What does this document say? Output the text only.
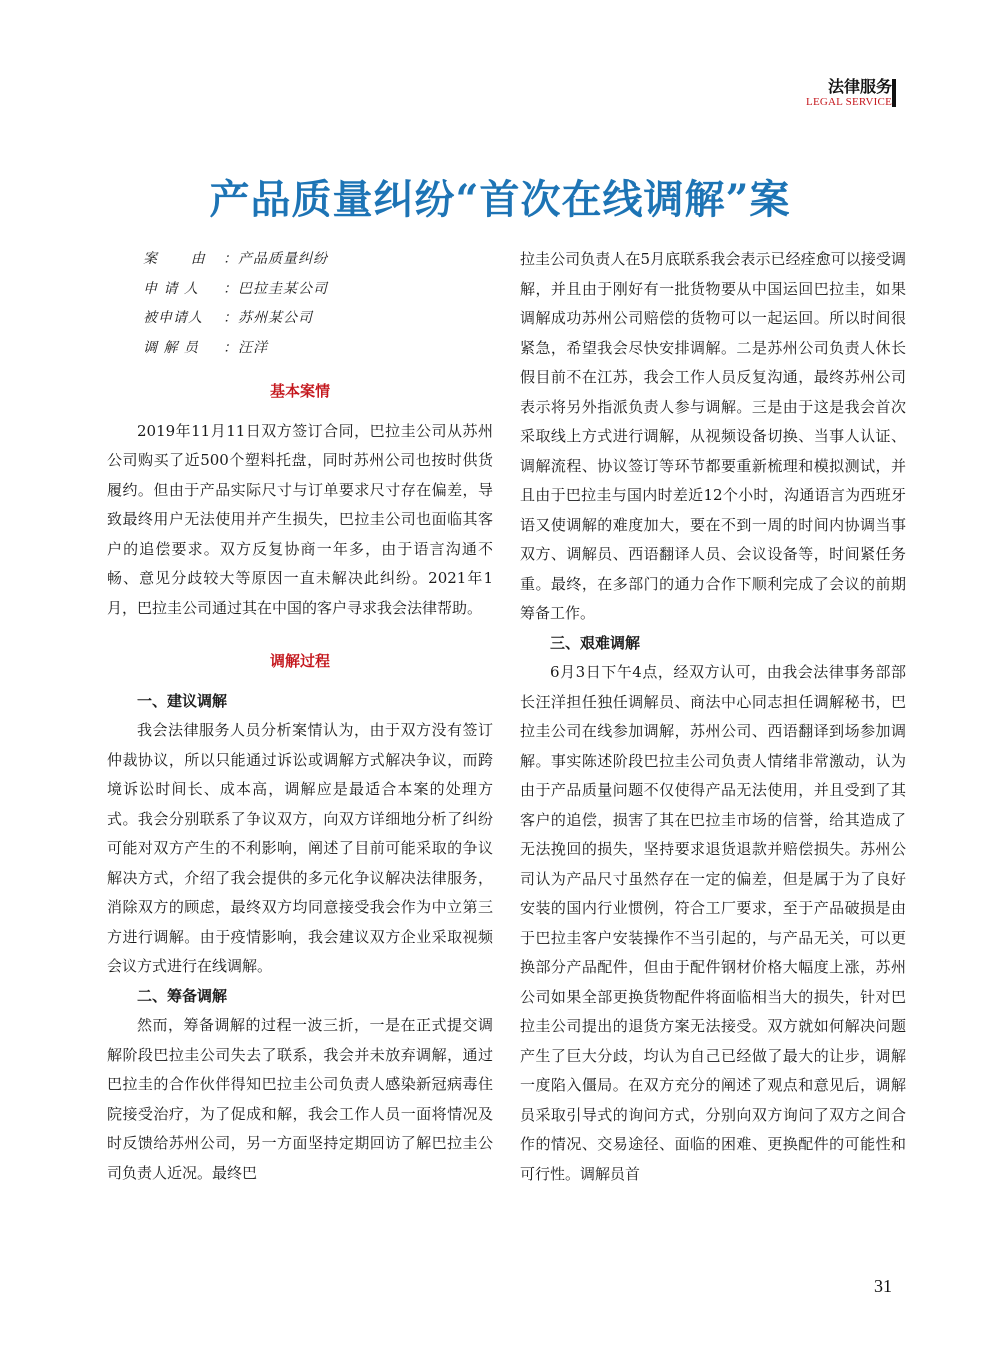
法律服务
LEGAL SERVICE
产品质量纠纷“首次在线调解”案
案      由	： 产品质量纠纷
申 请 人	： 巴拉圭某公司
被申请人	： 苏州某公司
调 解 员	： 汪洋
基本案情

2019年11月11日双方签订合同，巴拉圭公司从苏州公司购买了近500个塑料托盘，同时苏州公司也按时供货履约。但由于产品实际尺寸与订单要求尺寸存在偏差，导致最终用户无法使用并产生损失，巴拉圭公司也面临其客户的追偿要求。双方反复协商一年多，由于语言沟通不畅、意见分歧较大等原因一直未解决此纠纷。2021年1月，巴拉圭公司通过其在中国的客户寻求我会法律帮助。

调解过程
一、建议调解

我会法律服务人员分析案情认为，由于双方没有签订仲裁协议，所以只能通过诉讼或调解方式解决争议，而跨境诉讼时间长、成本高，调解应是最适合本案的处理方式。我会分别联系了争议双方，向双方详细地分析了纠纷可能对双方产生的不利影响，阐述了目前可能采取的争议解决方式，介绍了我会提供的多元化争议解决法律服务，消除双方的顾虑，最终双方均同意接受我会作为中立第三方进行调解。由于疫情影响，我会建议双方企业采取视频会议方式进行在线调解。

二、筹备调解

然而，筹备调解的过程一波三折，一是在正式提交调解阶段巴拉圭公司失去了联系，我会并未放弃调解，通过巴拉圭的合作伙伴得知巴拉圭公司负责人感染新冠病毒住院接受治疗，为了促成和解，我会工作人员一面将情况及时反馈给苏州公司，另一方面坚持定期回访了解巴拉圭公司负责人近况。最终巴

拉圭公司负责人在5月底联系我会表示已经痊愈可以接受调解，并且由于刚好有一批货物要从中国运回巴拉圭，如果调解成功苏州公司赔偿的货物可以一起运回。所以时间很紧急，希望我会尽快安排调解。二是苏州公司负责人休长假目前不在江苏，我会工作人员反复沟通，最终苏州公司表示将另外指派负责人参与调解。三是由于这是我会首次采取线上方式进行调解，从视频设备切换、当事人认证、调解流程、协议签订等环节都要重新梳理和模拟测试，并且由于巴拉圭与国内时差近12个小时，沟通语言为西班牙语又使调解的难度加大，要在不到一周的时间内协调当事双方、调解员、西语翻译人员、会议设备等，时间紧任务重。最终，在多部门的通力合作下顺利完成了会议的前期筹备工作。

三、艰难调解

6月3日下午4点，经双方认可，由我会法律事务部部长汪洋担任独任调解员、商法中心同志担任调解秘书，巴拉圭公司在线参加调解，苏州公司、西语翻译到场参加调解。事实陈述阶段巴拉圭公司负责人情绪非常激动，认为由于产品质量问题不仅使得产品无法使用，并且受到了其客户的追偿，损害了其在巴拉圭市场的信誉，给其造成了无法挽回的损失，坚持要求退货退款并赔偿损失。苏州公司认为产品尺寸虽然存在一定的偏差，但是属于为了良好安装的国内行业惯例，符合工厂要求，至于产品破损是由于巴拉圭客户安装操作不当引起的，与产品无关，可以更换部分产品配件，但由于配件钢材价格大幅度上涨，苏州公司如果全部更换货物配件将面临相当大的损失，针对巴拉圭公司提出的退货方案无法接受。双方就如何解决问题产生了巨大分歧，均认为自己已经做了最大的让步，调解一度陷入僵局。在双方充分的阐述了观点和意见后，调解员采取引导式的询问方式，分别向双方询问了双方之间合作的情况、交易途径、面临的困难、更换配件的可能性和可行性。调解员首

31
